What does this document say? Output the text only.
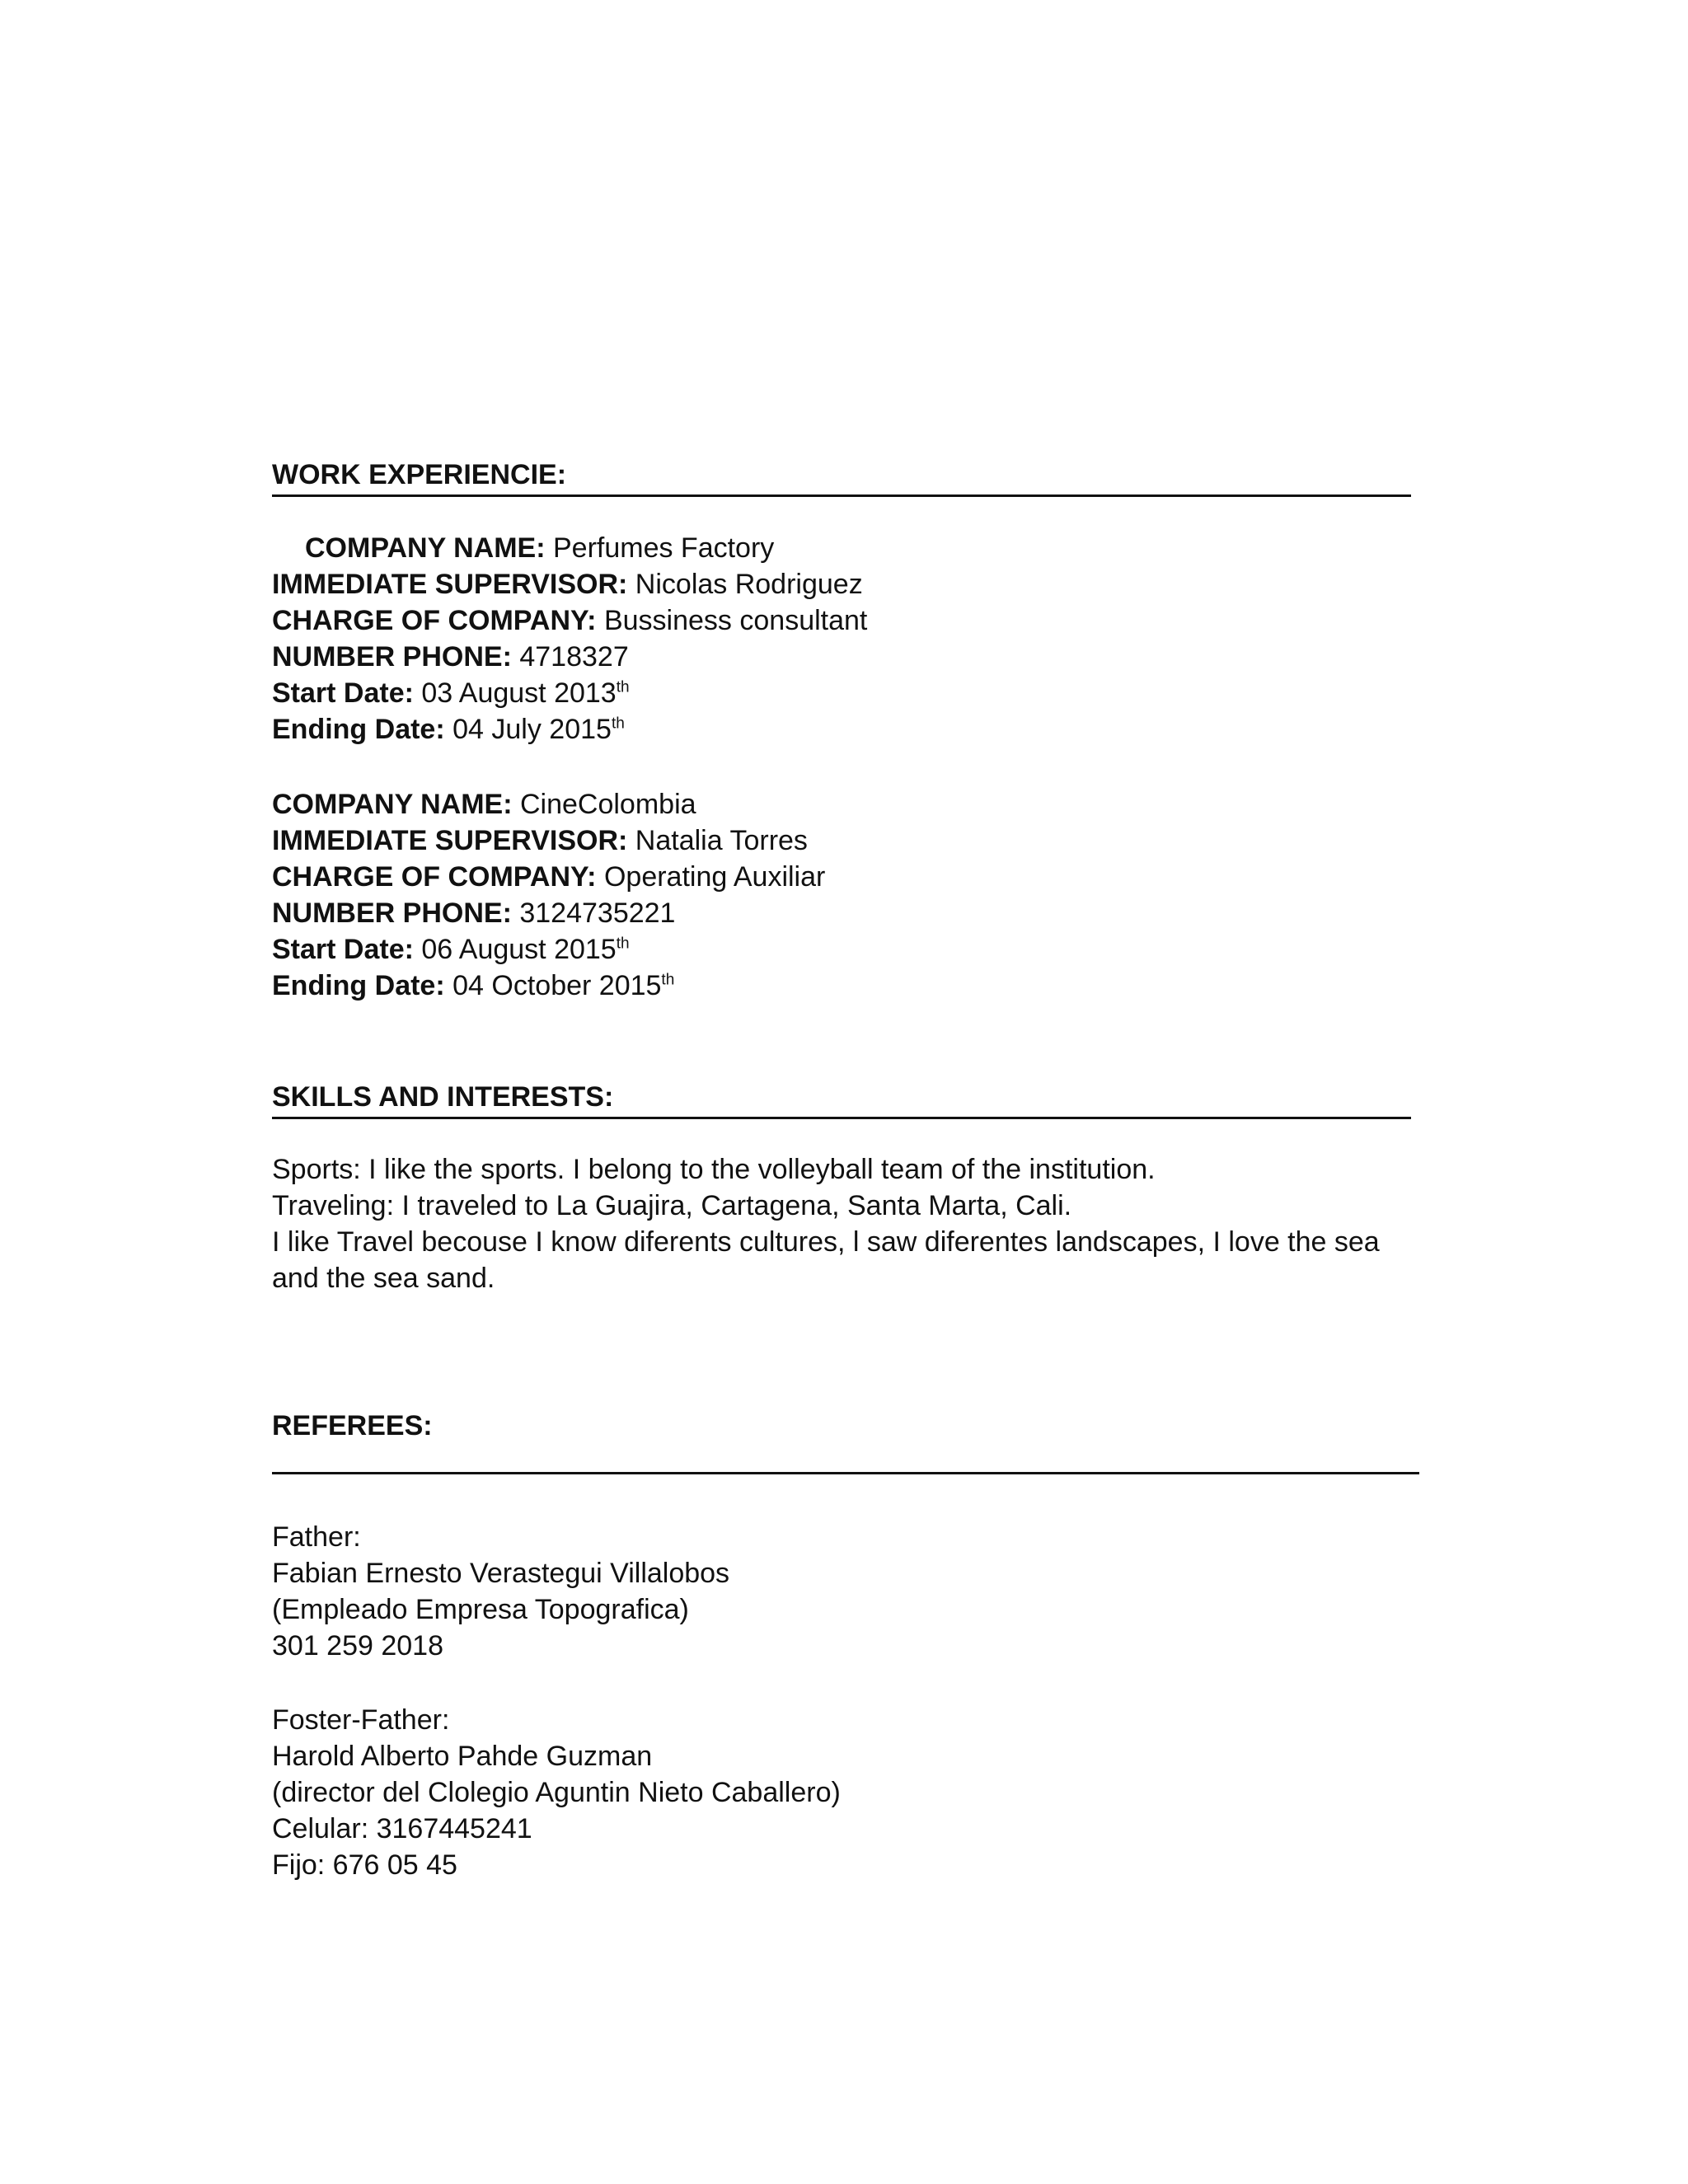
WORK EXPERIENCIE:
COMPANY NAME: Perfumes Factory
IMMEDIATE SUPERVISOR: Nicolas Rodriguez
CHARGE OF COMPANY: Bussiness consultant
NUMBER PHONE: 4718327
Start Date: 03 August 2013th
Ending Date: 04 July 2015th
COMPANY NAME: CineColombia
IMMEDIATE SUPERVISOR: Natalia Torres
CHARGE OF COMPANY: Operating Auxiliar
NUMBER PHONE: 3124735221
Start Date: 06 August 2015th
Ending Date: 04 October 2015th
SKILLS AND INTERESTS:
Sports: I like the sports. I belong to the volleyball team of the institution.
Traveling: I traveled to La Guajira, Cartagena, Santa Marta, Cali.
I like Travel becouse I know diferents cultures, l saw diferentes landscapes, I love the sea and the sea sand.
REFEREES:
Father:
Fabian Ernesto Verastegui Villalobos
(Empleado Empresa Topografica)
301 259 2018
Foster-Father:
Harold Alberto Pahde Guzman
(director del Clolegio Aguntin Nieto Caballero)
Celular: 3167445241
Fijo: 676 05 45
